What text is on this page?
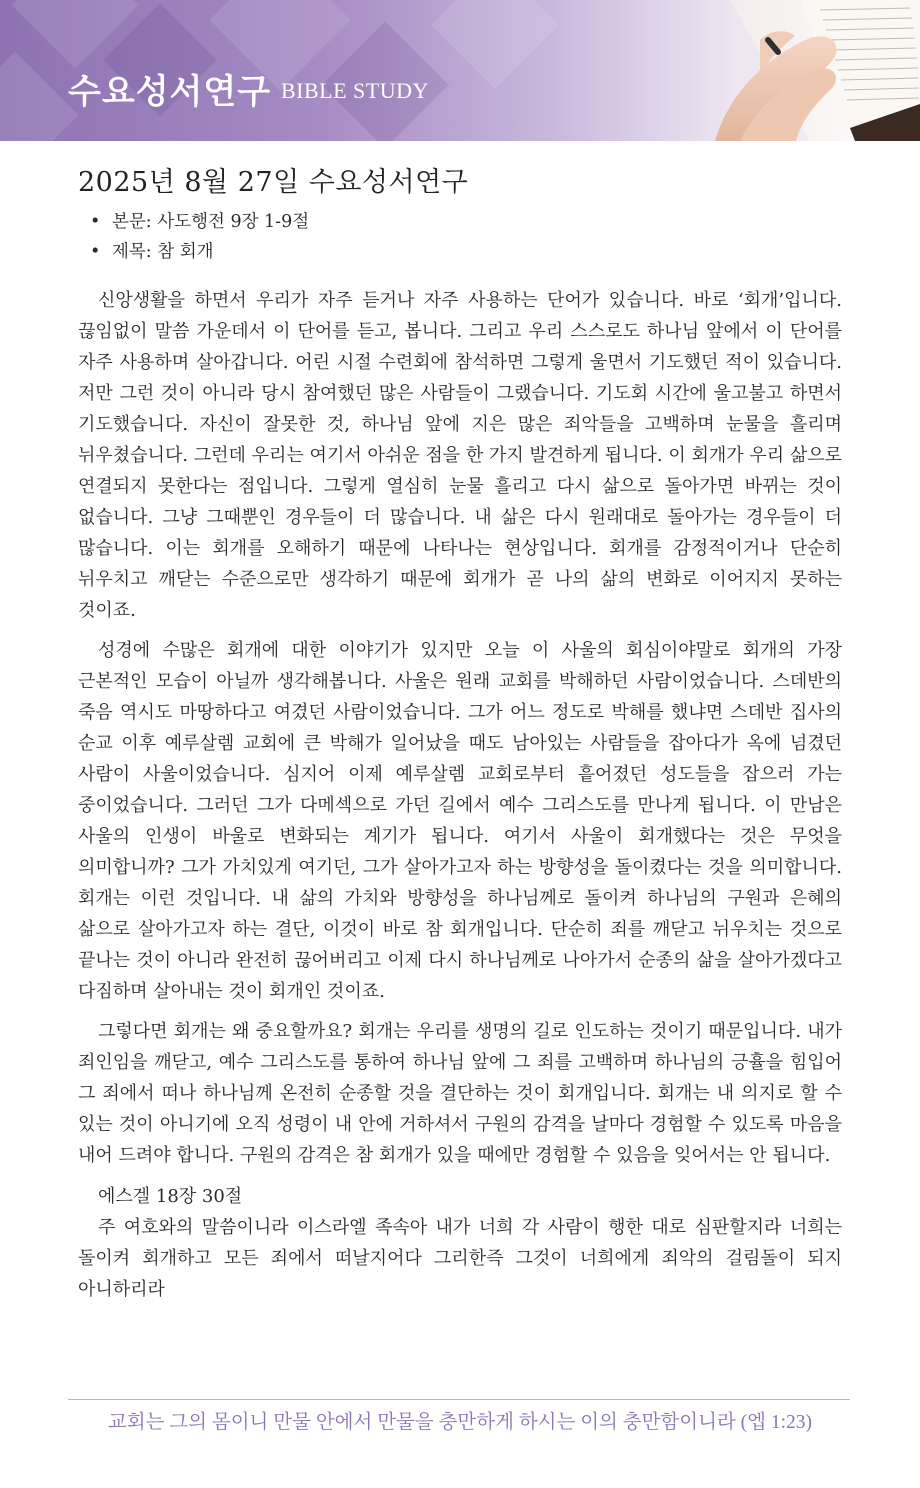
수요성서연구 BIBLE STUDY
2025년 8월 27일 수요성서연구
• 본문: 사도행전 9장 1-9절
• 제목: 참 회개

신앙생활을 하면서 우리가 자주 듣거나 자주 사용하는 단어가 있습니다. 바로 ‘회개’입니다. 끊임없이 말씀 가운데서 이 단어를 듣고, 봅니다. 그리고 우리 스스로도 하나님 앞에서 이 단어를 자주 사용하며 살아갑니다. 어린 시절 수련회에 참석하면 그렇게 울면서 기도했던 적이 있습니다. 저만 그런 것이 아니라 당시 참여했던 많은 사람들이 그랬습니다. 기도회 시간에 울고불고 하면서 기도했습니다. 자신이 잘못한 것, 하나님 앞에 지은 많은 죄악들을 고백하며 눈물을 흘리며 뉘우쳤습니다. 그런데 우리는 여기서 아쉬운 점을 한 가지 발견하게 됩니다. 이 회개가 우리 삶으로 연결되지 못한다는 점입니다. 그렇게 열심히 눈물 흘리고 다시 삶으로 돌아가면 바뀌는 것이 없습니다. 그냥 그때뿐인 경우들이 더 많습니다. 내 삶은 다시 원래대로 돌아가는 경우들이 더 많습니다. 이는 회개를 오해하기 때문에 나타나는 현상입니다. 회개를 감정적이거나 단순히 뉘우치고 깨닫는 수준으로만 생각하기 때문에 회개가 곧 나의 삶의 변화로 이어지지 못하는 것이죠.

성경에 수많은 회개에 대한 이야기가 있지만 오늘 이 사울의 회심이야말로 회개의 가장 근본적인 모습이 아닐까 생각해봅니다. 사울은 원래 교회를 박해하던 사람이었습니다. 스데반의 죽음 역시도 마땅하다고 여겼던 사람이었습니다. 그가 어느 정도로 박해를 했냐면 스데반 집사의 순교 이후 예루살렘 교회에 큰 박해가 일어났을 때도 남아있는 사람들을 잡아다가 옥에 넘겼던 사람이 사울이었습니다. 심지어 이제 예루살렘 교회로부터 흩어졌던 성도들을 잡으러 가는 중이었습니다. 그러던 그가 다메섹으로 가던 길에서 예수 그리스도를 만나게 됩니다. 이 만남은 사울의 인생이 바울로 변화되는 계기가 됩니다. 여기서 사울이 회개했다는 것은 무엇을 의미합니까? 그가 가치있게 여기던, 그가 살아가고자 하는 방향성을 돌이켰다는 것을 의미합니다. 회개는 이런 것입니다. 내 삶의 가치와 방향성을 하나님께로 돌이켜 하나님의 구원과 은혜의 삶으로 살아가고자 하는 결단, 이것이 바로 참 회개입니다. 단순히 죄를 깨닫고 뉘우치는 것으로 끝나는 것이 아니라 완전히 끊어버리고 이제 다시 하나님께로 나아가서 순종의 삶을 살아가겠다고 다짐하며 살아내는 것이 회개인 것이죠.

그렇다면 회개는 왜 중요할까요? 회개는 우리를 생명의 길로 인도하는 것이기 때문입니다. 내가 죄인임을 깨닫고, 예수 그리스도를 통하여 하나님 앞에 그 죄를 고백하며 하나님의 긍휼을 힘입어 그 죄에서 떠나 하나님께 온전히 순종할 것을 결단하는 것이 회개입니다. 회개는 내 의지로 할 수 있는 것이 아니기에 오직 성령이 내 안에 거하셔서 구원의 감격을 날마다 경험할 수 있도록 마음을 내어 드려야 합니다. 구원의 감격은 참 회개가 있을 때에만 경험할 수 있음을 잊어서는 안 됩니다.

에스겔 18장 30절

주 여호와의 말씀이니라 이스라엘 족속아 내가 너희 각 사람이 행한 대로 심판할지라 너희는 돌이켜 회개하고 모든 죄에서 떠날지어다 그리한즉 그것이 너희에게 죄악의 걸림돌이 되지 아니하리라

교회는 그의 몸이니 만물 안에서 만물을 충만하게 하시는 이의 충만함이니라 (엡 1:23)
